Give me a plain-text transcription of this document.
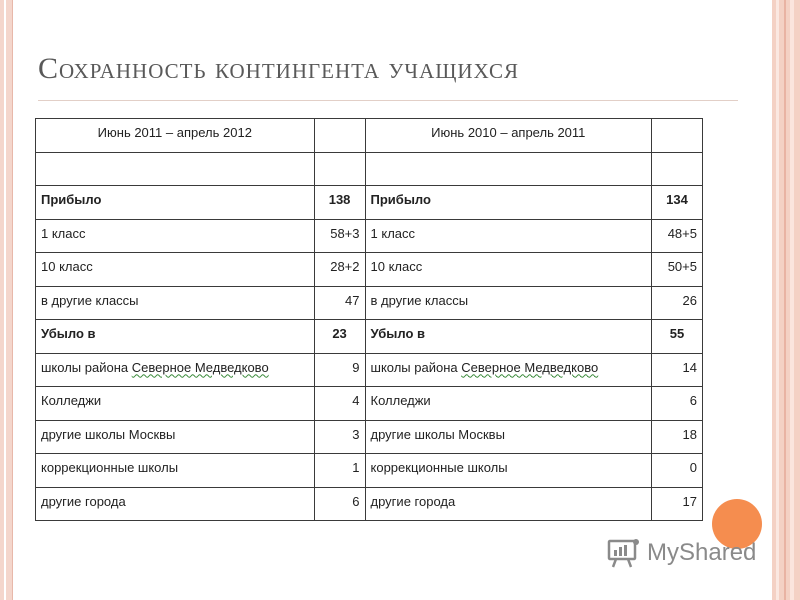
Сохранность контингента учащихся
Июнь 2011 – апрель 2012		Июнь 2010 – апрель 2011	

Прибыло	138	Прибыло	134
1 класс	58+3	1 класс	48+5
10 класс	28+2	10 класс	50+5
в другие классы	47	в другие классы	26
Убыло в	23	Убыло в	55
школы района Северное Медведково	9	школы района Северное Медведково	14
Колледжи	4	Колледжи	6
другие школы Москвы	3	другие школы Москвы	18
коррекционные школы	1	коррекционные школы	0
другие города	6	другие города	17
MyShared
